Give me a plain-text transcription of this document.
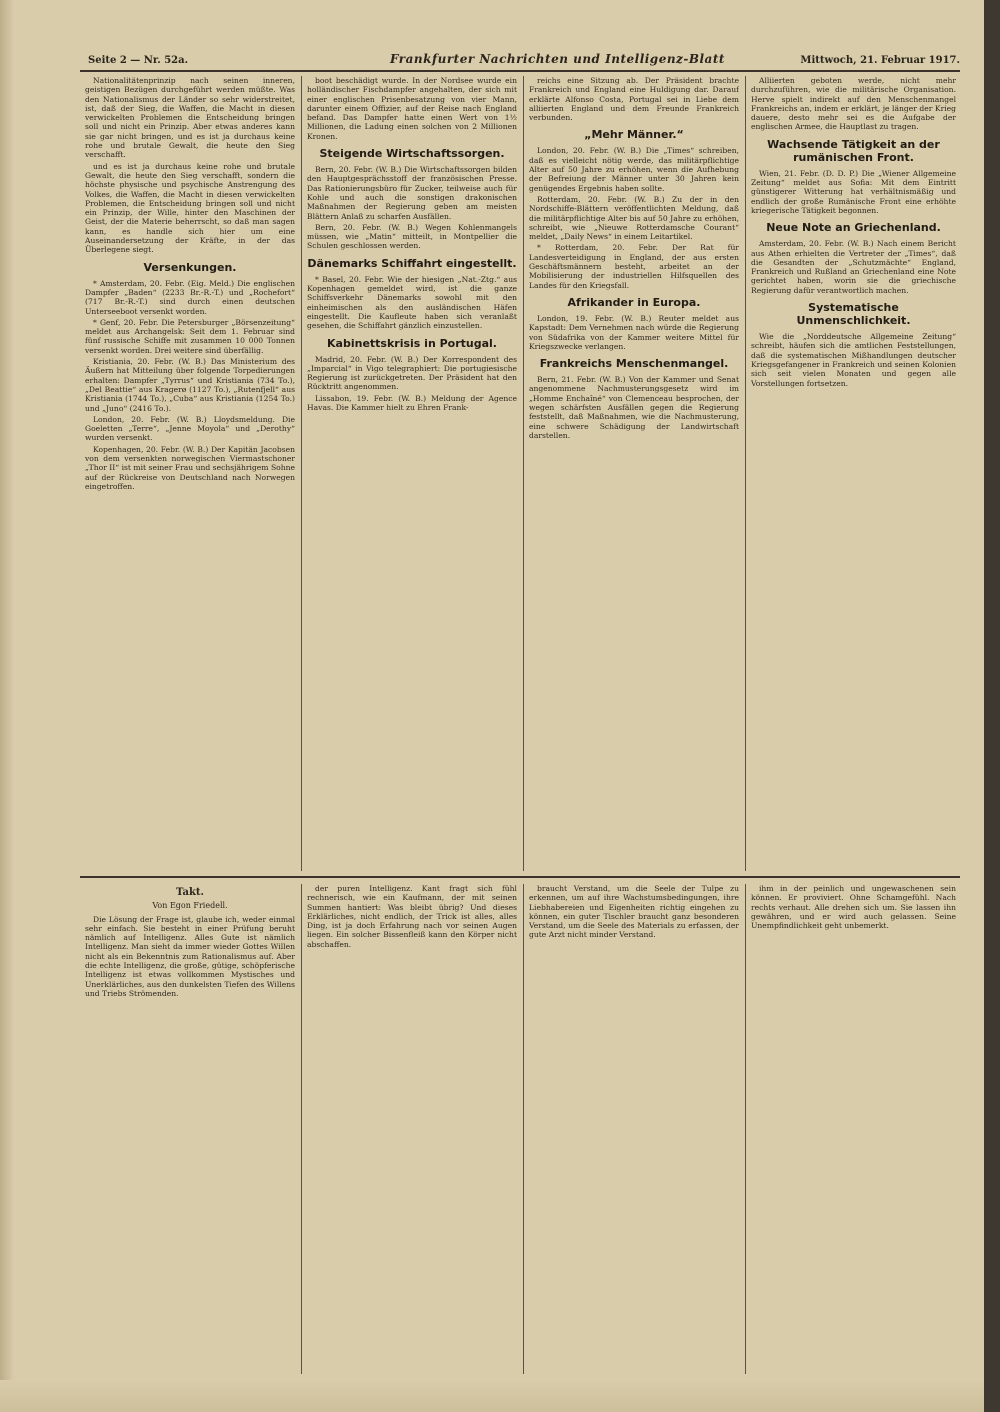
Seite 2 — Nr. 52a.	Frankfurter Nachrichten und Intelligenz-Blatt	Mittwoch, 21. Februar 1917.

Nationalitätenprinzip nach seinen inneren, geistigen Bezügen durchgeführt werden müßte. Was den Nationalismus der Länder so sehr widerstreitet, ist, daß der Sieg, die Waffen, die Macht in diesen verwickelten Problemen die Entscheidung bringen soll und nicht ein Prinzip. Aber etwas anderes kann sie gar nicht bringen, und es ist ja durchaus keine rohe und brutale Gewalt, die heute den Sieg verschafft.

und es ist ja durchaus keine rohe und brutale Gewalt, die heute den Sieg verschafft, sondern die höchste physische und psychische Anstrengung des Volkes, die Waffen, die Macht in diesen verwickelten Problemen, die Entscheidung bringen soll und nicht ein Prinzip, der Wille, hinter den Maschinen der Geist, der die Materie beherrscht, so daß man sagen kann, es handle sich hier um eine Auseinandersetzung der Kräfte, in der das Überlegene siegt.

Versenkungen.

* Amsterdam, 20. Febr. (Eig. Meld.) Die englischen Dampfer „Baden“ (2233 Br.-R.-T.) und „Rochefort“ (717 Br.-R.-T.) sind durch einen deutschen Unterseeboot versenkt worden.

* Genf, 20. Febr. Die Petersburger „Börsenzeitung“ meldet aus Archangelsk: Seit dem 1. Februar sind fünf russische Schiffe mit zusammen 10 000 Tonnen versenkt worden. Drei weitere sind überfällig.

Kristiania, 20. Febr. (W. B.) Das Ministerium des Äußern hat Mitteilung über folgende Torpedierungen erhalten: Dampfer „Tyrrus“ und Kristiania (734 To.), „Del Beattie“ aus Kragerø (1127 To.), „Rutenfjell“ aus Kristiania (1744 To.), „Cuba“ aus Kristiania (1254 To.) und „Juno“ (2416 To.).

London, 20. Febr. (W. B.) Lloydsmeldung. Die Goeletten „Terre“, „Jenne Moyola“ und „Derothy“ wurden versenkt.

Kopenhagen, 20. Febr. (W. B.) Der Kapitän Jacobsen von dem versenkten norwegischen Viermastschoner „Thor II“ ist mit seiner Frau und sechsjährigem Sohne auf der Rückreise von Deutschland nach Norwegen eingetroffen.

boot beschädigt wurde. In der Nordsee wurde ein holländischer Fischdampfer angehalten, der sich mit einer englischen Prisenbesatzung von vier Mann, darunter einem Offizier, auf der Reise nach England befand. Das Dampfer hatte einen Wert von 1½ Millionen, die Ladung einen solchen von 2 Millionen Kronen.

Steigende Wirtschaftssorgen.

Bern, 20. Febr. (W. B.) Die Wirtschaftssorgen bilden den Hauptgesprächsstoff der französischen Presse. Das Rationierungsbüro für Zucker, teilweise auch für Kohle und auch die sonstigen drakonischen Maßnahmen der Regierung geben am meisten Blättern Anlaß zu scharfen Ausfällen.

Bern, 20. Febr. (W. B.) Wegen Kohlenmangels müssen, wie „Matin“ mitteilt, in Montpellier die Schulen geschlossen werden.

Dänemarks Schiffahrt eingestellt.

* Basel, 20. Febr. Wie der hiesigen „Nat.-Ztg.“ aus Kopenhagen gemeldet wird, ist die ganze Schiffsverkehr Dänemarks sowohl mit den einheimischen als den ausländischen Häfen eingestellt. Die Kaufleute haben sich veranlaßt gesehen, die Schiffahrt gänzlich einzustellen.

Kabinettskrisis in Portugal.

Madrid, 20. Febr. (W. B.) Der Korrespondent des „Imparcial“ in Vigo telegraphiert: Die portugiesische Regierung ist zurückgetreten. Der Präsident hat den Rücktritt angenommen.

Lissabon, 19. Febr. (W. B.) Meldung der Agence Havas. Die Kammer hielt zu Ehren Frank-

reichs eine Sitzung ab. Der Präsident brachte Frankreich und England eine Huldigung dar. Darauf erklärte Alfonso Costa, Portugal sei in Liebe dem alliierten England und dem Freunde Frankreich verbunden.

„Mehr Männer.“

London, 20. Febr. (W. B.) Die „Times“ schreiben, daß es vielleicht nötig werde, das militärpflichtige Alter auf 50 Jahre zu erhöhen, wenn die Aufhebung der Befreiung der Männer unter 30 Jahren kein genügendes Ergebnis haben sollte.

Rotterdam, 20. Febr. (W. B.) Zu der in den Nordschiffe-Blättern veröffentlichten Meldung, daß die militärpflichtige Alter bis auf 50 Jahre zu erhöhen, schreibt, wie „Nieuwe Rotterdamsche Courant“ meldet, „Daily News“ in einem Leitartikel.

* Rotterdam, 20. Febr. Der Rat für Landesverteidigung in England, der aus ersten Geschäftsmännern besteht, arbeitet an der Mobilisierung der industriellen Hilfsquellen des Landes für den Kriegsfall.

Afrikander in Europa.

London, 19. Febr. (W. B.) Reuter meldet aus Kapstadt: Dem Vernehmen nach würde die Regierung von Südafrika von der Kammer weitere Mittel für Kriegszwecke verlangen.

Frankreichs Menschenmangel.

Bern, 21. Febr. (W. B.) Von der Kammer und Senat angenommene Nachmusterungsgesetz wird im „Homme Enchaîné“ von Clemenceau besprochen, der wegen schärfsten Ausfällen gegen die Regierung feststellt, daß Maßnahmen, wie die Nachmusterung, eine schwere Schädigung der Landwirtschaft darstellen.

Alliierten geboten werde, nicht mehr durchzuführen, wie die militärische Organisation. Herve spielt indirekt auf den Menschenmangel Frankreichs an, indem er erklärt, je länger der Krieg dauere, desto mehr sei es die Aufgabe der englischen Armee, die Hauptlast zu tragen.

Wachsende Tätigkeit an der rumänischen Front.

Wien, 21. Febr. (D. D. P.) Die „Wiener Allgemeine Zeitung“ meldet aus Sofia: Mit dem Eintritt günstigerer Witterung hat verhältnismäßig und endlich der große Rumänische Front eine erhöhte kriegerische Tätigkeit begonnen.

Neue Note an Griechenland.

Amsterdam, 20. Febr. (W. B.) Nach einem Bericht aus Athen erhielten die Vertreter der „Times“, daß die Gesandten der „Schutzmächte“ England, Frankreich und Rußland an Griechenland eine Note gerichtet haben, worin sie die griechische Regierung dafür verantwortlich machen.

Systematische Unmenschlichkeit.

Wie die „Norddeutsche Allgemeine Zeitung“ schreibt, häufen sich die amtlichen Feststellungen, daß die systematischen Mißhandlungen deutscher Kriegsgefangener in Frankreich und seinen Kolonien sich seit vielen Monaten und gegen alle Vorstellungen fortsetzen.

Takt.
Von Egon Friedell.

Die Lösung der Frage ist, glaube ich, weder einmal sehr einfach. Sie besteht in einer Prüfung beruht nämlich auf Intelligenz. Alles Gute ist nämlich Intelligenz. Man sieht da immer wieder Gottes Willen nicht als ein Bekenntnis zum Rationalismus auf. Aber die echte Intelligenz, die große, gütige, schöpferische Intelligenz ist etwas vollkommen Mystisches und Unerklärliches, aus den dunkelsten Tiefen des Willens und Triebs Strömenden.

der puren Intelligenz. Kant fragt sich fühl rechnerisch, wie ein Kaufmann, der mit seinen Summen hantiert: Was bleibt übrig? Und dieses Erklärliches, nicht endlich, der Trick ist alles, alles Ding, ist ja doch Erfahrung nach vor seinen Augen liegen. Ein solcher Bissenfleiß kann den Körper nicht abschaffen.

braucht Verstand, um die Seele der Tulpe zu erkennen, um auf ihre Wachstumsbedingungen, ihre Liebhabereien und Eigenheiten richtig eingehen zu können, ein guter Tischler braucht ganz besonderen Verstand, um die Seele des Materials zu erfassen, der gute Arzt nicht minder Verstand.

ihm in der peinlich und ungewaschenen sein können. Er proviviert. Ohne Schamgefühl. Nach rechts verhaut. Alle drehen sich um. Sie lassen ihn gewähren, und er wird auch gelassen. Seine Unempfindlichkeit geht unbemerkt.
